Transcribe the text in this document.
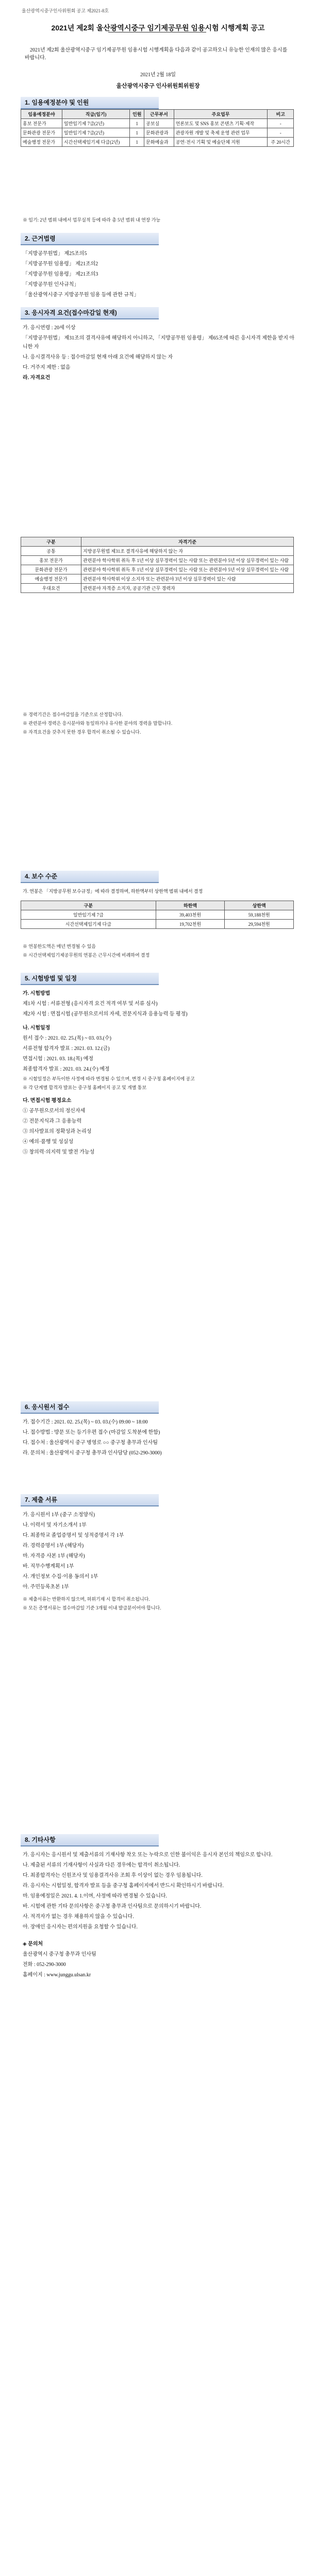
울산광역시중구인사위원회 공고 제2021-8호
2021년 제2회 울산광역시중구 임기제공무원 임용시험 시행계획 공고
2021년 제2회 울산광역시중구 임기제공무원 임용시험 시행계획을 다음과 같이 공고하오니 유능한 인재의 많은 응시를 바랍니다.
2021년 2월 18일
울산광역시중구 인사위원회위원장
1. 임용예정분야 및 인원
임용예정분야	직급(임기)	인원	근무부서	주요업무	비고
홍보 전문가	일반임기제 7급(2년)	1	공보실	언론보도 및 SNS 홍보 콘텐츠 기획·제작	-
문화관광 전문가	일반임기제 7급(2년)	1	문화관광과	관광자원 개발 및 축제 운영 관련 업무	-
예술행정 전문가	시간선택제임기제 다급(2년)	1	문화예술과	공연·전시 기획 및 예술단체 지원	주 20시간
※ 임기: 2년 범위 내에서 업무실적 등에 따라 총 5년 범위 내 연장 가능
2. 근거법령

「지방공무원법」 제25조의5

「지방공무원 임용령」 제21조의2

「지방공무원 임용령」 제21조의3

「지방공무원 인사규칙」

「울산광역시중구 지방공무원 임용 등에 관한 규칙」

3. 응시자격 요건(접수마감일 현재)

가. 응시연령 : 20세 이상

「지방공무원법」 제31조의 결격사유에 해당하지 아니하고, 「지방공무원 임용령」 제65조에 따른 응시자격 제한을 받지 아니한 자

나. 응시결격사유 등 : 접수마감일 현재 아래 요건에 해당하지 않는 자

다. 거주지 제한 : 없음

라. 자격요건

구분	자격기준
공통	지방공무원법 제31조 결격사유에 해당하지 않는 자
홍보 전문가	관련분야 학사학위 취득 후 1년 이상 실무경력이 있는 사람 또는 관련분야 5년 이상 실무경력이 있는 사람
문화관광 전문가	관련분야 학사학위 취득 후 1년 이상 실무경력이 있는 사람 또는 관련분야 5년 이상 실무경력이 있는 사람
예술행정 전문가	관련분야 학사학위 이상 소지자 또는 관련분야 3년 이상 실무경력이 있는 사람
우대요건	관련분야 자격증 소지자, 공공기관 근무 경력자

※ 경력기간은 접수마감일을 기준으로 산정합니다.

※ 관련분야 경력은 응시분야와 동일하거나 유사한 분야의 경력을 말합니다.

※ 자격요건을 갖추지 못한 경우 합격이 취소될 수 있습니다.

4. 보수 수준
가. 연봉은 「지방공무원 보수규정」에 따라 결정하며, 하한액부터 상한액 범위 내에서 결정
구분	하한액	상한액
일반임기제 7급	39,403천원	59,188천원
시간선택제임기제 다급	19,702천원	29,594천원

※ 연봉한도액은 매년 변경될 수 있음

※ 시간선택제임기제공무원의 연봉은 근무시간에 비례하여 결정

5. 시험방법 및 일정

가. 시험방법

제1차 시험 : 서류전형 (응시자격 요건 적격 여부 및 서류 심사)

제2차 시험 : 면접시험 (공무원으로서의 자세, 전문지식과 응용능력 등 평정)

나. 시험일정

원서 접수 : 2021. 02. 25.(목) ~ 03. 03.(수)

서류전형 합격자 발표 : 2021. 03. 12.(금)

면접시험 : 2021. 03. 18.(목) 예정

최종합격자 발표 : 2021. 03. 24.(수) 예정

※ 시험일정은 부득이한 사정에 따라 변경될 수 있으며, 변경 시 중구청 홈페이지에 공고

※ 각 단계별 합격자 발표는 중구청 홈페이지 공고 및 개별 통보

다. 면접시험 평정요소

① 공무원으로서의 정신자세

② 전문지식과 그 응용능력

③ 의사발표의 정확성과 논리성

④ 예의·품행 및 성실성

⑤ 창의력·의지력 및 발전 가능성

6. 응시원서 접수

가. 접수기간 : 2021. 02. 25.(목) ~ 03. 03.(수) 09:00 ~ 18:00

나. 접수방법 : 방문 또는 등기우편 접수 (마감일 도착분에 한함)

다. 접수처 : 울산광역시 중구 병영로 ○○ 중구청 총무과 인사팀

라. 문의처 : 울산광역시 중구청 총무과 인사담당 (052-290-3000)

7. 제출 서류

가. 응시원서 1부 (중구 소정양식)

나. 이력서 및 자기소개서 1부

다. 최종학교 졸업증명서 및 성적증명서 각 1부

라. 경력증명서 1부 (해당자)

마. 자격증 사본 1부 (해당자)

바. 직무수행계획서 1부

사. 개인정보 수집·이용 동의서 1부

아. 주민등록초본 1부

※ 제출서류는 반환하지 않으며, 허위기재 시 합격이 취소됩니다.

※ 모든 증명서류는 접수마감일 기준 3개월 이내 발급분이어야 합니다.

8. 기타사항

가. 응시자는 응시원서 및 제출서류의 기재사항 착오 또는 누락으로 인한 불이익은 응시자 본인의 책임으로 합니다.

나. 제출된 서류의 기재사항이 사실과 다른 경우에는 합격이 취소됩니다.

다. 최종합격자는 신원조사 및 임용결격사유 조회 후 이상이 없는 경우 임용됩니다.

라. 응시자는 시험일정, 합격자 발표 등을 중구청 홈페이지에서 반드시 확인하시기 바랍니다.

마. 임용예정일은 2021. 4. 1.이며, 사정에 따라 변경될 수 있습니다.

바. 시험에 관한 기타 문의사항은 중구청 총무과 인사팀으로 문의하시기 바랍니다.

사. 적격자가 없는 경우 채용하지 않을 수 있습니다.

아. 장애인 응시자는 편의지원을 요청할 수 있습니다.

◈ 문의처

울산광역시 중구청 총무과 인사팀

전화 : 052-290-3000

홈페이지 : www.junggu.ulsan.kr
